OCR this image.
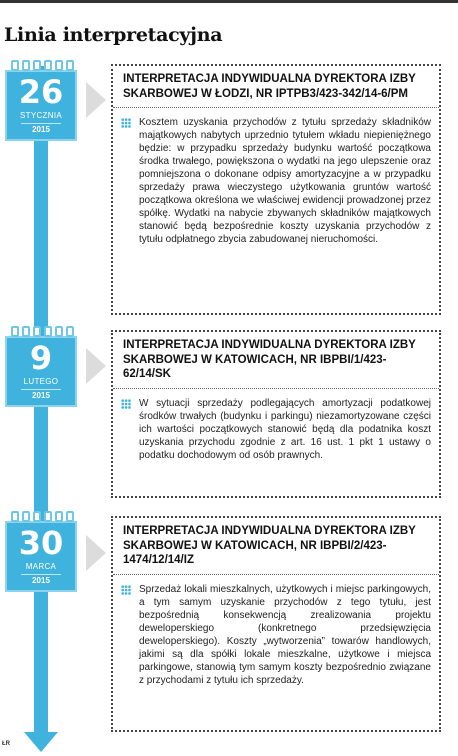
Linia interpretacyjna
26
STYCZNIA
2015
INTERPRETACJA INDYWIDUALNA DYREKTORA IZBY SKARBOWEJ W ŁODZI, NR IPTPB3/423-342/14-6/PM
Kosztem uzyskania przychodów z tytułu sprzedaży składników majątkowych nabytych uprzednio tytułem wkładu niepieniężnego będzie: w przypadku sprzedaży budynku wartość początkowa środka trwałego, powiększona o wydatki na jego ulepszenie oraz pomniejszona o dokonane odpisy amortyzacyjne a w przypadku sprzedaży prawa wieczystego użytkowania gruntów wartość początkowa określona we właściwej ewidencji prowadzonej przez spółkę. Wydatki na nabycie zbywanych składników majątkowych stanowić będą bezpośrednie koszty uzyskania przychodów z tytułu odpłatnego zbycia zabudowanej nieruchomości.
9
LUTEGO
2015
INTERPRETACJA INDYWIDUALNA DYREKTORA IZBY SKARBOWEJ W KATOWICACH, NR IBPBI/1/423-62/14/SK
W sytuacji sprzedaży podlegających amortyzacji podatkowej środków trwałych (budynku i parkingu) niezamortyzowane części ich wartości początkowych stanowić będą dla podatnika koszt uzyskania przychodu zgodnie z art. 16 ust. 1 pkt 1 ustawy o podatku dochodowym od osób prawnych.
30
MARCA
2015
INTERPRETACJA INDYWIDUALNA DYREKTORA IZBY SKARBOWEJ W KATOWICACH, NR IBPBI/2/423-1474/12/14/IZ
Sprzedaż lokali mieszkalnych, użytkowych i miejsc parkingowych, a tym samym uzyskanie przychodów z tego tytułu, jest bezpośrednią konsekwencją zrealizowania projektu deweloperskiego (konkretnego przedsięwzięcia deweloperskiego). Koszty „wytworzenia” towarów handlowych, jakimi są dla spółki lokale mieszkalne, użytkowe i miejsca parkingowe, stanowią tym samym koszty bezpośrednio związane z przychodami z tytułu ich sprzedaży.
ŁR
